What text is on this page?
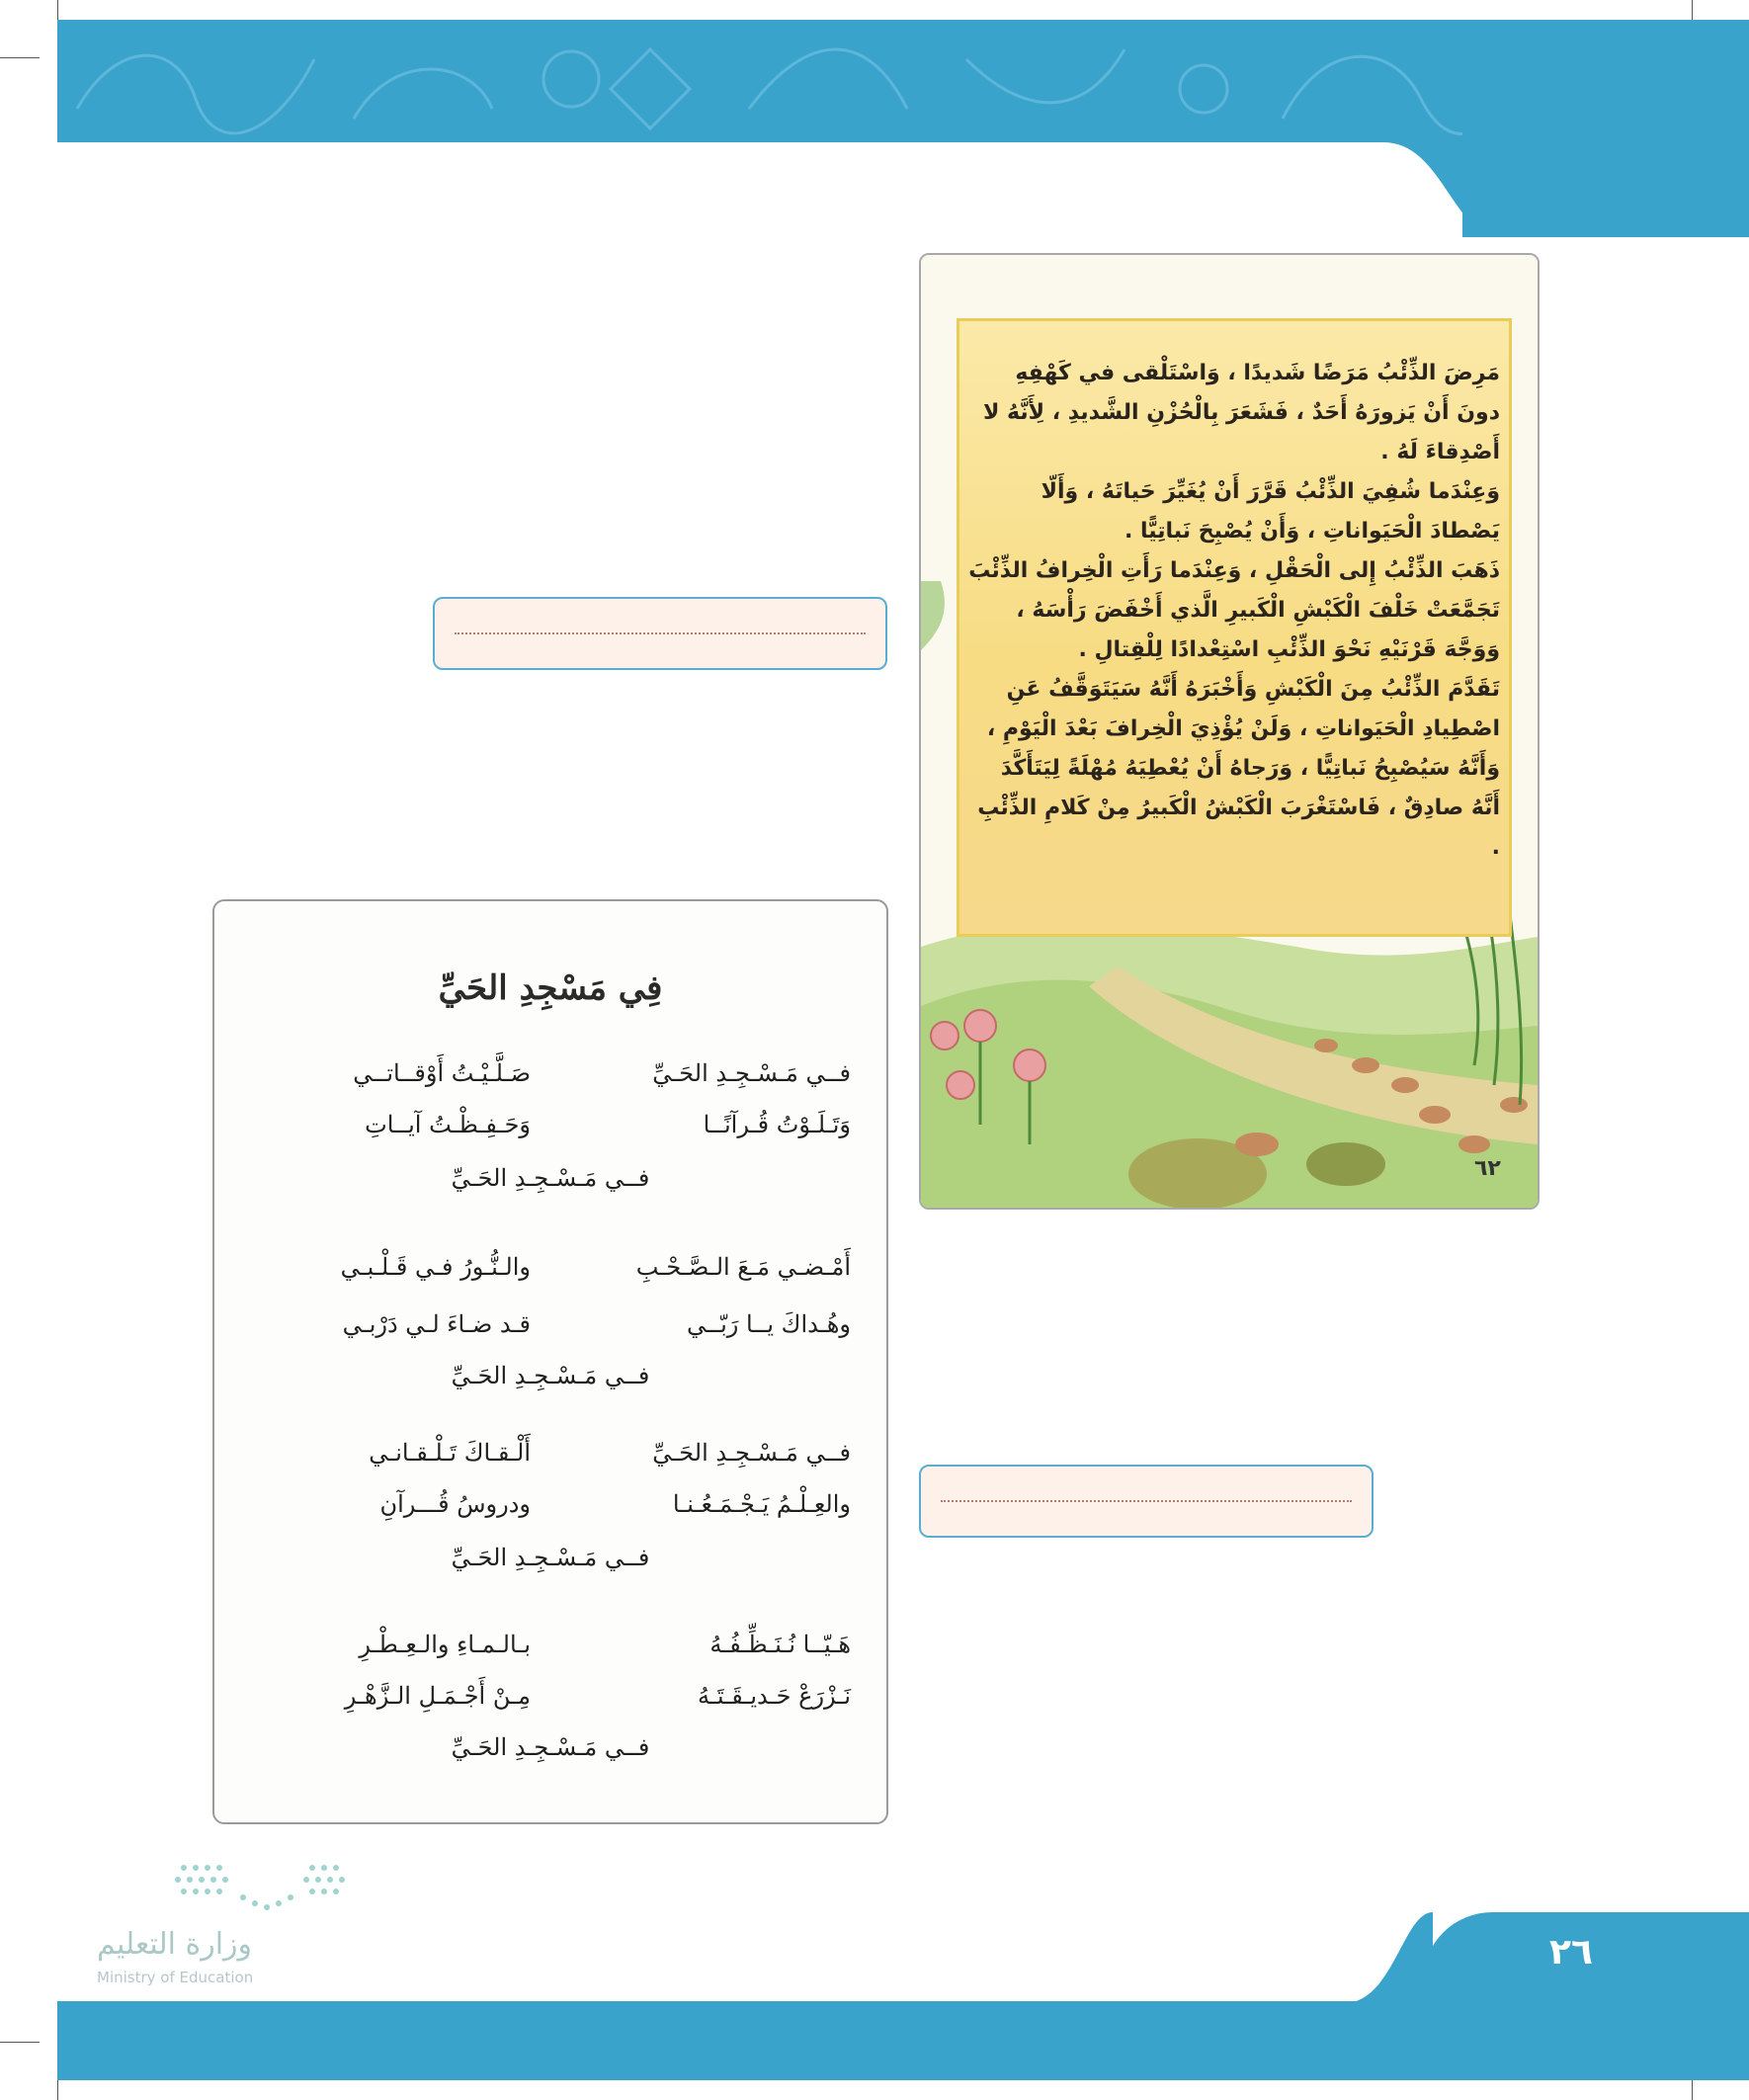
مَرِضَ الذِّئْبُ مَرَضًا شَديدًا ، وَاسْتَلْقى في كَهْفِهِ دونَ أَنْ يَزورَهُ أَحَدٌ ، فَشَعَرَ بِالْحُزْنِ الشَّديدِ ، لِأَنَّهُ لا أَصْدِقاءَ لَهُ .
وَعِنْدَما شُفِيَ الذِّئْبُ قَرَّرَ أَنْ يُغَيِّرَ حَياتَهُ ، وَأَلّا يَصْطادَ الْحَيَواناتِ ، وَأَنْ يُصْبِحَ نَباتِيًّا .
ذَهَبَ الذِّئْبُ إِلى الْحَقْلِ ، وَعِنْدَما رَأَتِ الْخِرافُ الذِّئْبَ تَجَمَّعَتْ خَلْفَ الْكَبْشِ الْكَبيرِ الَّذي أَخْفَضَ رَأْسَهُ ، وَوَجَّهَ قَرْنَيْهِ نَحْوَ الذِّئْبِ اسْتِعْدادًا لِلْقِتالِ .
تَقَدَّمَ الذِّئْبُ مِنَ الْكَبْشِ وَأَخْبَرَهُ أَنَّهُ سَيَتَوَقَّفُ عَنِ اصْطِيادِ الْحَيَواناتِ ، وَلَنْ يُؤْذِيَ الْخِرافَ بَعْدَ الْيَوْمِ ، وَأَنَّهُ سَيُصْبِحُ نَباتِيًّا ، وَرَجاهُ أَنْ يُعْطِيَهُ مُهْلَةً لِيَتَأَكَّدَ أَنَّهُ صادِقٌ ، فَاسْتَغْرَبَ الْكَبْشُ الْكَبيرُ مِنْ كَلامِ الذِّئْبِ .
٦٢
فِي مَسْجِدِ الحَيِّ
فــي مَـسْـجِـدِ الحَـيِّ
صَـلَّـيْـتُ أَوْقــاتــي
وَتَـلَـوْتُ قُـرآنًــا
وَحَـفِـظْـتُ آيــاتِ
فــي مَـسْـجِـدِ الحَـيِّ
أَمْـضـي مَـعَ الـصَّـحْـبِ
والـنُّـورُ فـي قَـلْـبـي
وهُـداكَ يــا رَبّــي
قـد ضـاءَ لـي دَرْبـي
فــي مَـسْـجِـدِ الحَـيِّ
فــي مَـسْـجِـدِ الحَـيِّ
أَلْـقـاكَ تَـلْـقـانـي
والعِـلْـمُ يَـجْـمَـعُـنـا
ودروسُ قُـــرآنِ
فــي مَـسْـجِـدِ الحَـيِّ
هَـيّــا نُـنَـظِّـفُـهُ
بـالـمـاءِ والـعِـطْـرِ
نَـزْرَعْ حَـديـقَـتَـهُ
مِـنْ أَجْـمَـلِ الـزَّهْـرِ
فــي مَـسْـجِـدِ الحَـيِّ
وزارة التعليم
Ministry of Education
٢٦
